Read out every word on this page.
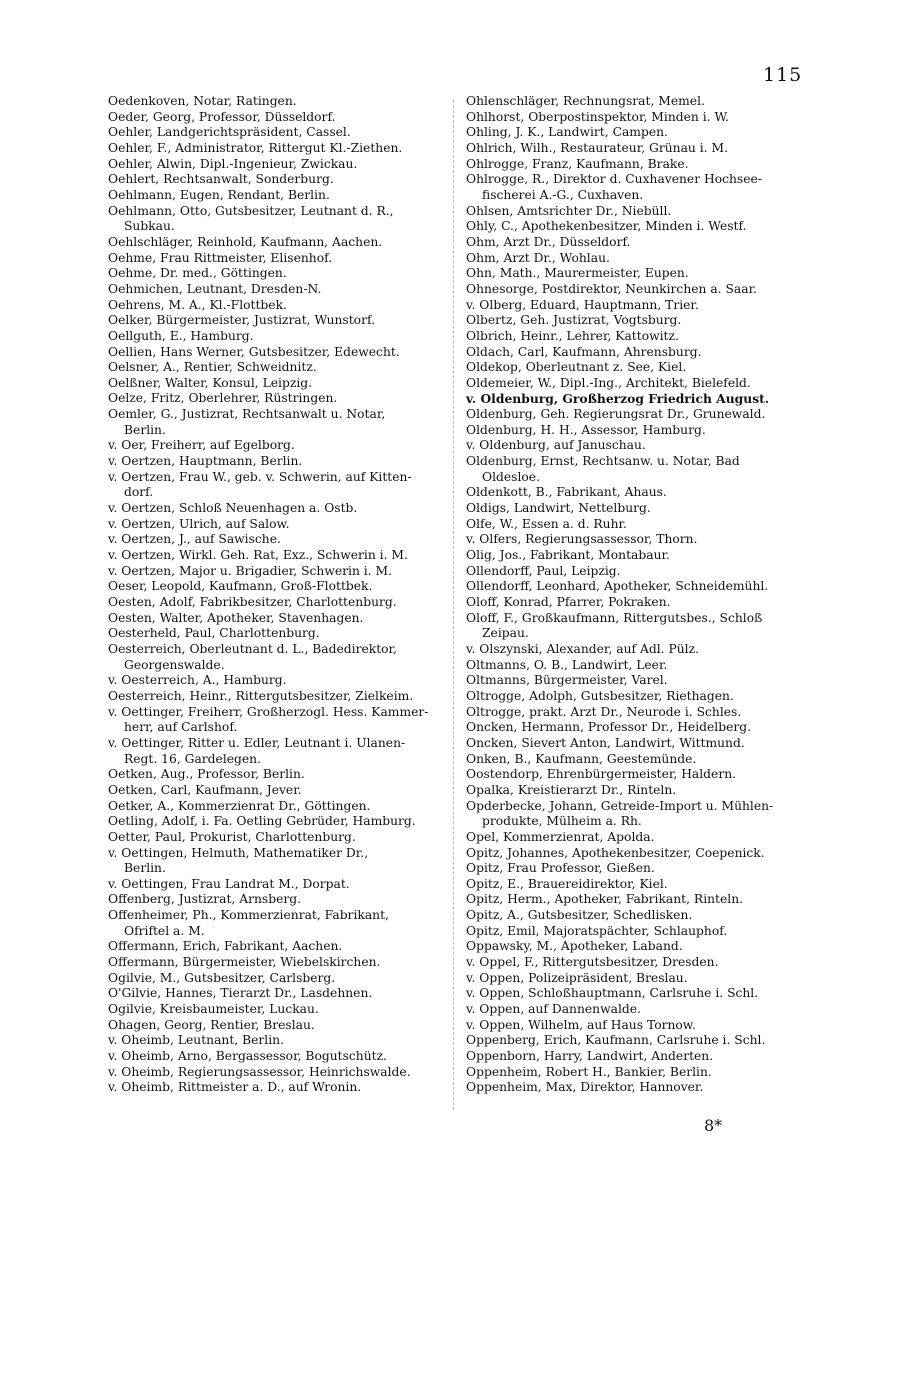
115
Oedenkoven, Notar, Ratingen.
Oeder, Georg, Professor, Düsseldorf.
Oehler, Landgerichtspräsident, Cassel.
Oehler, F., Administrator, Rittergut Kl.-Ziethen.
Oehler, Alwin, Dipl.-Ingenieur, Zwickau.
Oehlert, Rechtsanwalt, Sonderburg.
Oehlmann, Eugen, Rendant, Berlin.
Oehlmann, Otto, Gutsbesitzer, Leutnant d. R.,
Subkau.
Oehlschläger, Reinhold, Kaufmann, Aachen.
Oehme, Frau Rittmeister, Elisenhof.
Oehme, Dr. med., Göttingen.
Oehmichen, Leutnant, Dresden-N.
Oehrens, M. A., Kl.-Flottbek.
Oelker, Bürgermeister, Justizrat, Wunstorf.
Oellguth, E., Hamburg.
Oellien, Hans Werner, Gutsbesitzer, Edewecht.
Oelsner, A., Rentier, Schweidnitz.
Oelßner, Walter, Konsul, Leipzig.
Oelze, Fritz, Oberlehrer, Rüstringen.
Oemler, G., Justizrat, Rechtsanwalt u. Notar,
Berlin.
v. Oer, Freiherr, auf Egelborg.
v. Oertzen, Hauptmann, Berlin.
v. Oertzen, Frau W., geb. v. Schwerin, auf Kitten-
dorf.
v. Oertzen, Schloß Neuenhagen a. Ostb.
v. Oertzen, Ulrich, auf Salow.
v. Oertzen, J., auf Sawische.
v. Oertzen, Wirkl. Geh. Rat, Exz., Schwerin i. M.
v. Oertzen, Major u. Brigadier, Schwerin i. M.
Oeser, Leopold, Kaufmann, Groß-Flottbek.
Oesten, Adolf, Fabrikbesitzer, Charlottenburg.
Oesten, Walter, Apotheker, Stavenhagen.
Oesterheld, Paul, Charlottenburg.
Oesterreich, Oberleutnant d. L., Badedirektor,
Georgenswalde.
v. Oesterreich, A., Hamburg.
Oesterreich, Heinr., Rittergutsbesitzer, Zielkeim.
v. Oettinger, Freiherr, Großherzogl. Hess. Kammer-
herr, auf Carlshof.
v. Oettinger, Ritter u. Edler, Leutnant i. Ulanen-
Regt. 16, Gardelegen.
Oetken, Aug., Professor, Berlin.
Oetken, Carl, Kaufmann, Jever.
Oetker, A., Kommerzienrat Dr., Göttingen.
Oetling, Adolf, i. Fa. Oetling Gebrüder, Hamburg.
Oetter, Paul, Prokurist, Charlottenburg.
v. Oettingen, Helmuth, Mathematiker Dr.,
Berlin.
v. Oettingen, Frau Landrat M., Dorpat.
Offenberg, Justizrat, Arnsberg.
Offenheimer, Ph., Kommerzienrat, Fabrikant,
Ofriftel a. M.
Offermann, Erich, Fabrikant, Aachen.
Offermann, Bürgermeister, Wiebelskirchen.
Ogilvie, M., Gutsbesitzer, Carlsberg.
O'Gilvie, Hannes, Tierarzt Dr., Lasdehnen.
Ogilvie, Kreisbaumeister, Luckau.
Ohagen, Georg, Rentier, Breslau.
v. Oheimb, Leutnant, Berlin.
v. Oheimb, Arno, Bergassessor, Bogutschütz.
v. Oheimb, Regierungsassessor, Heinrichswalde.
v. Oheimb, Rittmeister a. D., auf Wronin.
Ohlenschläger, Rechnungsrat, Memel.
Ohlhorst, Oberpostinspektor, Minden i. W.
Ohling, J. K., Landwirt, Campen.
Ohlrich, Wilh., Restaurateur, Grünau i. M.
Ohlrogge, Franz, Kaufmann, Brake.
Ohlrogge, R., Direktor d. Cuxhavener Hochsee-
fischerei A.-G., Cuxhaven.
Ohlsen, Amtsrichter Dr., Niebüll.
Ohly, C., Apothekenbesitzer, Minden i. Westf.
Ohm, Arzt Dr., Düsseldorf.
Ohm, Arzt Dr., Wohlau.
Ohn, Math., Maurermeister, Eupen.
Ohnesorge, Postdirektor, Neunkirchen a. Saar.
v. Olberg, Eduard, Hauptmann, Trier.
Olbertz, Geh. Justizrat, Vogtsburg.
Olbrich, Heinr., Lehrer, Kattowitz.
Oldach, Carl, Kaufmann, Ahrensburg.
Oldekop, Oberleutnant z. See, Kiel.
Oldemeier, W., Dipl.-Ing., Architekt, Bielefeld.
v. Oldenburg, Großherzog Friedrich August.
Oldenburg, Geh. Regierungsrat Dr., Grunewald.
Oldenburg, H. H., Assessor, Hamburg.
v. Oldenburg, auf Januschau.
Oldenburg, Ernst, Rechtsanw. u. Notar, Bad
Oldesloe.
Oldenkott, B., Fabrikant, Ahaus.
Oldigs, Landwirt, Nettelburg.
Olfe, W., Essen a. d. Ruhr.
v. Olfers, Regierungsassessor, Thorn.
Olig, Jos., Fabrikant, Montabaur.
Ollendorff, Paul, Leipzig.
Ollendorff, Leonhard, Apotheker, Schneidemühl.
Oloff, Konrad, Pfarrer, Pokraken.
Oloff, F., Großkaufmann, Rittergutsbes., Schloß
Zeipau.
v. Olszynski, Alexander, auf Adl. Pülz.
Oltmanns, O. B., Landwirt, Leer.
Oltmanns, Bürgermeister, Varel.
Oltrogge, Adolph, Gutsbesitzer, Riethagen.
Oltrogge, prakt. Arzt Dr., Neurode i. Schles.
Oncken, Hermann, Professor Dr., Heidelberg.
Oncken, Sievert Anton, Landwirt, Wittmund.
Onken, B., Kaufmann, Geestemünde.
Oostendorp, Ehrenbürgermeister, Haldern.
Opalka, Kreistierarzt Dr., Rinteln.
Opderbecke, Johann, Getreide-Import u. Mühlen-
produkte, Mülheim a. Rh.
Opel, Kommerzienrat, Apolda.
Opitz, Johannes, Apothekenbesitzer, Coepenick.
Opitz, Frau Professor, Gießen.
Opitz, E., Brauereidirektor, Kiel.
Opitz, Herm., Apotheker, Fabrikant, Rinteln.
Opitz, A., Gutsbesitzer, Schedlisken.
Opitz, Emil, Majoratspächter, Schlauphof.
Oppawsky, M., Apotheker, Laband.
v. Oppel, F., Rittergutsbesitzer, Dresden.
v. Oppen, Polizeipräsident, Breslau.
v. Oppen, Schloßhauptmann, Carlsruhe i. Schl.
v. Oppen, auf Dannenwalde.
v. Oppen, Wilhelm, auf Haus Tornow.
Oppenberg, Erich, Kaufmann, Carlsruhe i. Schl.
Oppenborn, Harry, Landwirt, Anderten.
Oppenheim, Robert H., Bankier, Berlin.
Oppenheim, Max, Direktor, Hannover.
8*
